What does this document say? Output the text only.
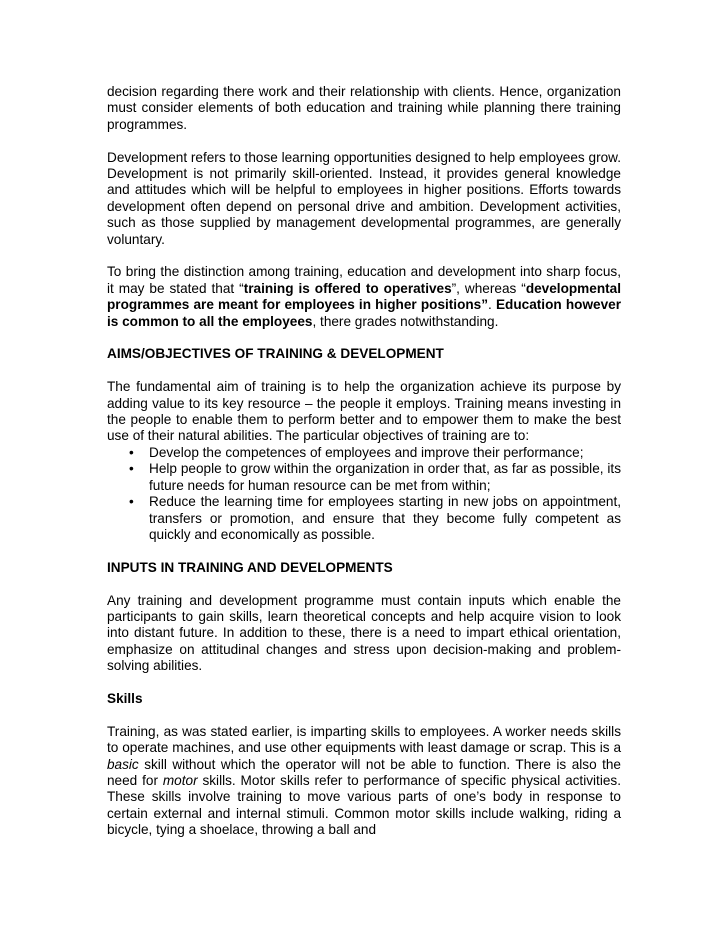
decision regarding there work and their relationship with clients. Hence, organization must consider elements of both education and training while planning there training programmes.

Development refers to those learning opportunities designed to help employees grow. Development is not primarily skill-oriented. Instead, it provides general knowledge and attitudes which will be helpful to employees in higher positions. Efforts towards development often depend on personal drive and ambition. Development activities, such as those supplied by management developmental programmes, are generally voluntary.

To bring the distinction among training, education and development into sharp focus, it may be stated that “training is offered to operatives”, whereas “developmental programmes are meant for employees in higher positions”. Education however is common to all the employees, there grades notwithstanding.

AIMS/OBJECTIVES OF TRAINING & DEVELOPMENT

The fundamental aim of training is to help the organization achieve its purpose by adding value to its key resource – the people it employs. Training means investing in the people to enable them to perform better and to empower them to make the best use of their natural abilities. The particular objectives of training are to:

• Develop the competences of employees and improve their performance;
• Help people to grow within the organization in order that, as far as possible, its future needs for human resource can be met from within;
• Reduce the learning time for employees starting in new jobs on appointment, transfers or promotion, and ensure that they become fully competent as quickly and economically as possible.

INPUTS IN TRAINING AND DEVELOPMENTS

Any training and development programme must contain inputs which enable the participants to gain skills, learn theoretical concepts and help acquire vision to look into distant future. In addition to these, there is a need to impart ethical orientation, emphasize on attitudinal changes and stress upon decision-making and problem-solving abilities.

Skills

Training, as was stated earlier, is imparting skills to employees. A worker needs skills to operate machines, and use other equipments with least damage or scrap. This is a basic skill without which the operator will not be able to function. There is also the need for motor skills. Motor skills refer to performance of specific physical activities. These skills involve training to move various parts of one’s body in response to certain external and internal stimuli. Common motor skills include walking, riding a bicycle, tying a shoelace, throwing a ball and
